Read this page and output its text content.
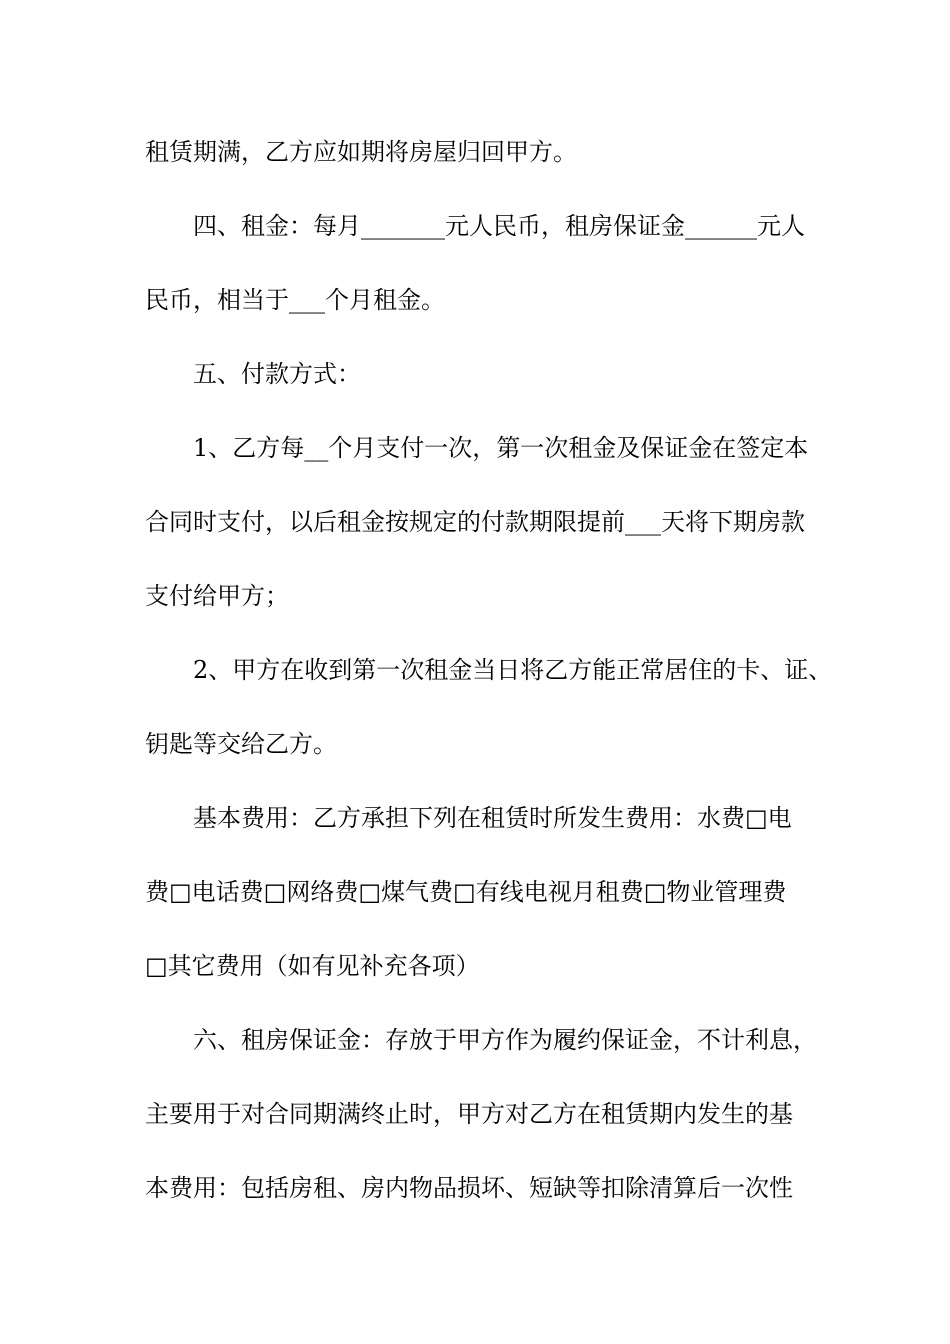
租赁期满，乙方应如期将房屋归回甲方。

　　四、租金：每月_______元人民币，租房保证金______元人

民币，相当于___个月租金。

　　五、付款方式：

　　1、乙方每__个月支付一次，第一次租金及保证金在签定本

合同时支付，以后租金按规定的付款期限提前___天将下期房款

支付给甲方；

　　2、甲方在收到第一次租金当日将乙方能正常居住的卡、证、

钥匙等交给乙方。

　　基本费用：乙方承担下列在租赁时所发生费用：水费□电

费□电话费□网络费□煤气费□有线电视月租费□物业管理费

□其它费用（如有见补充各项）

　　六、租房保证金：存放于甲方作为履约保证金，不计利息，

主要用于对合同期满终止时，甲方对乙方在租赁期内发生的基

本费用：包括房租、房内物品损坏、短缺等扣除清算后一次性
